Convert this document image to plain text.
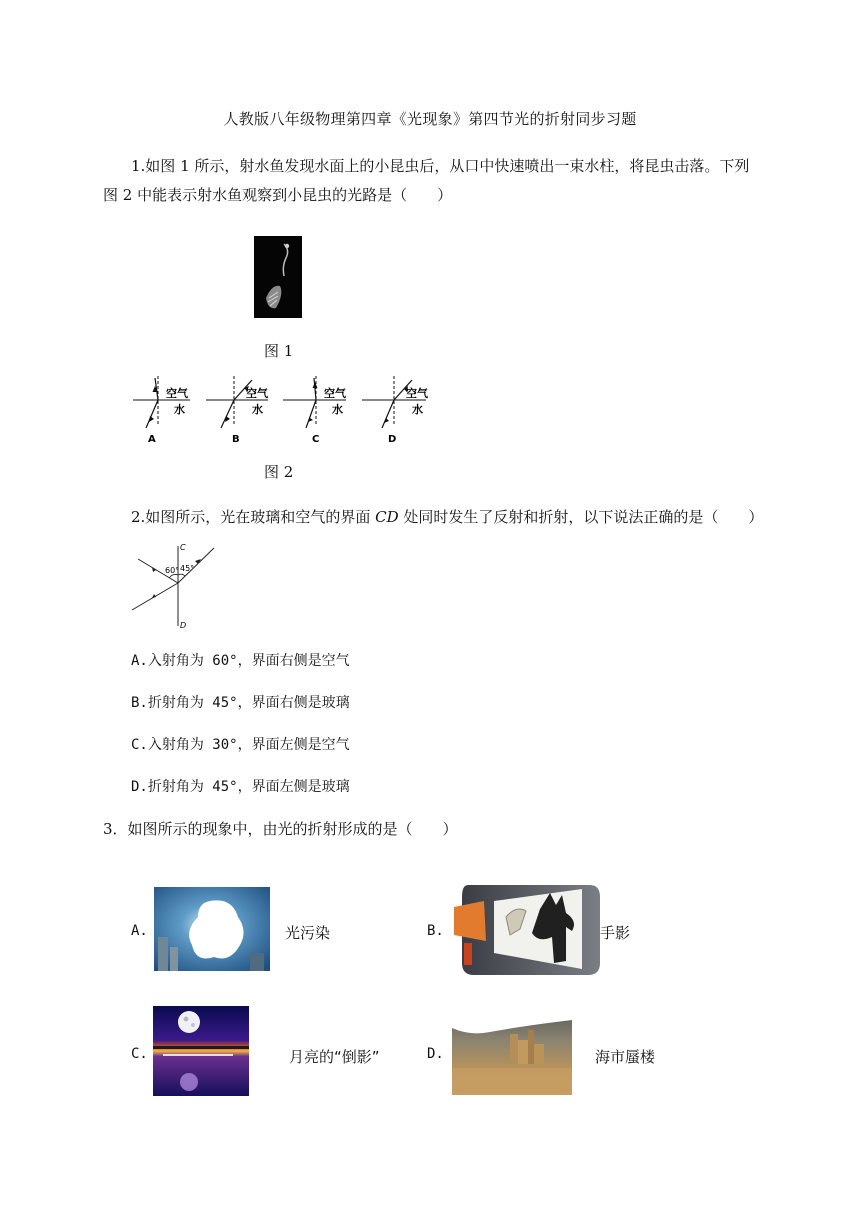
人教版八年级物理第四章《光现象》第四节光的折射同步习题
1.如图 1 所示，射水鱼发现水面上的小昆虫后，从口中快速喷出一束水柱，将昆虫击落。下列
图 2 中能表示射水鱼观察到小昆虫的光路是（　　）
图 1
空气
水
A
空气
水
B
空气
水
C
空气
水
D
图 2
2.如图所示，光在玻璃和空气的界面 CD 处同时发生了反射和折射，以下说法正确的是（　　）
C
D
60° 45°
A.入射角为 60°，界面右侧是空气
B.折射角为 45°，界面右侧是玻璃
C.入射角为 30°，界面左侧是空气
D.折射角为 45°，界面左侧是玻璃
3．如图所示的现象中，由光的折射形成的是（　　）
A.	光污染	B.	手影
C.	月亮的“倒影”	D.	海市蜃楼
